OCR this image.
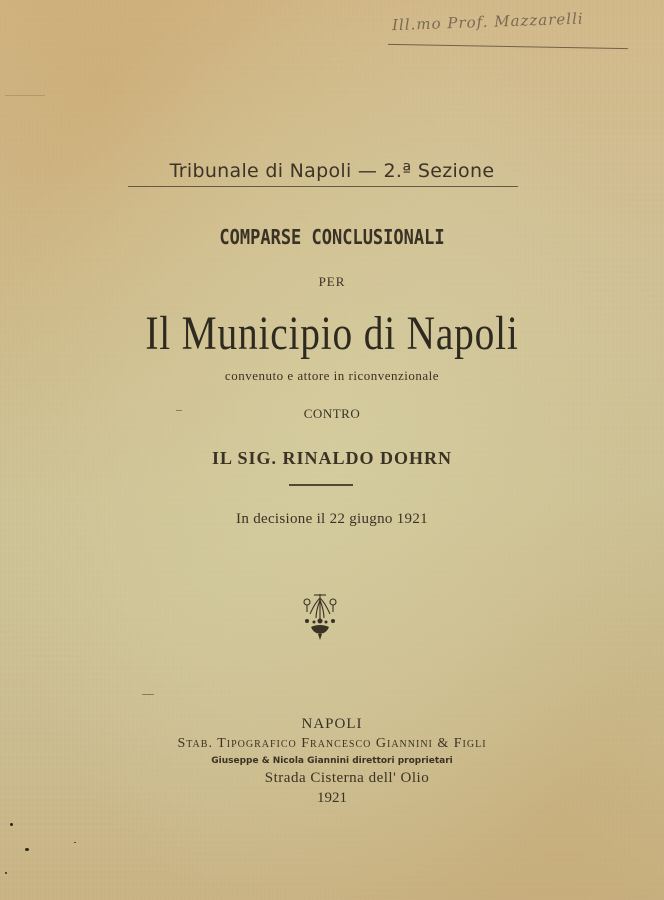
Ill.mo Prof. Mazzarelli
Tribunale di Napoli — 2.ª Sezione
COMPARSE CONCLUSIONALI
PER
Il Municipio di Napoli
convenuto e attore in riconvenzionale
CONTRO
IL SIG. RINALDO DOHRN
In decisione il 22 giugno 1921
NAPOLI
Stab. Tipografico Francesco Giannini & Figli
Giuseppe & Nicola Giannini direttori proprietari
Strada Cisterna dell' Olio
1921
